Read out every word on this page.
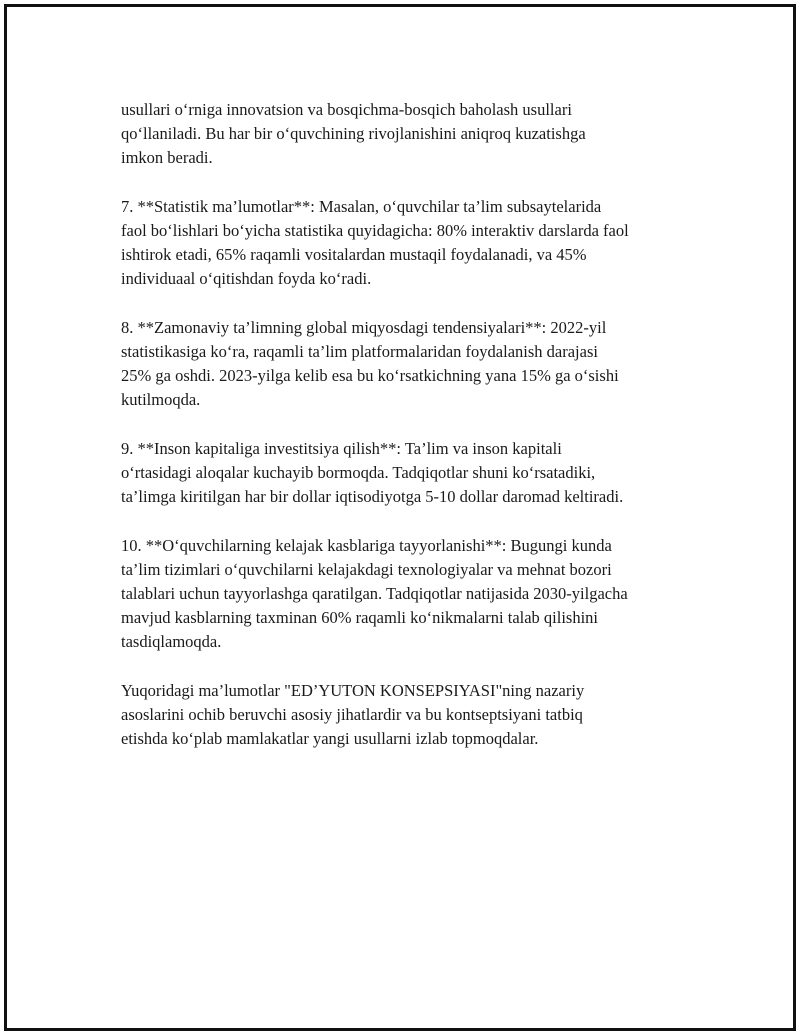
usullari o‘rniga innovatsion va bosqichma-bosqich baholash usullari
qo‘llaniladi. Bu har bir o‘quvchining rivojlanishini aniqroq kuzatishga
imkon beradi.

7. **Statistik ma’lumotlar**: Masalan, o‘quvchilar ta’lim subsaytelarida
faol bo‘lishlari bo‘yicha statistika quyidagicha: 80% interaktiv darslarda faol
ishtirok etadi, 65% raqamli vositalardan mustaqil foydalanadi, va 45%
individuaal o‘qitishdan foyda ko‘radi.

8. **Zamonaviy ta’limning global miqyosdagi tendensiyalari**: 2022-yil
statistikasiga ko‘ra, raqamli ta’lim platformalaridan foydalanish darajasi
25% ga oshdi. 2023-yilga kelib esa bu ko‘rsatkichning yana 15% ga o‘sishi
kutilmoqda.

9. **Inson kapitaliga investitsiya qilish**: Ta’lim va inson kapitali
o‘rtasidagi aloqalar kuchayib bormoqda. Tadqiqotlar shuni ko‘rsatadiki,
ta’limga kiritilgan har bir dollar iqtisodiyotga 5-10 dollar daromad keltiradi.

10. **O‘quvchilarning kelajak kasblariga tayyorlanishi**: Bugungi kunda
ta’lim tizimlari o‘quvchilarni kelajakdagi texnologiyalar va mehnat bozori
talablari uchun tayyorlashga qaratilgan. Tadqiqotlar natijasida 2030-yilgacha
mavjud kasblarning taxminan 60% raqamli ko‘nikmalarni talab qilishini
tasdiqlamoqda.

Yuqoridagi ma’lumotlar "ED’YUTON KONSEPSIYASI"ning nazariy
asoslarini ochib beruvchi asosiy jihatlardir va bu kontseptsiyani tatbiq
etishda ko‘plab mamlakatlar yangi usullarni izlab topmoqdalar.
